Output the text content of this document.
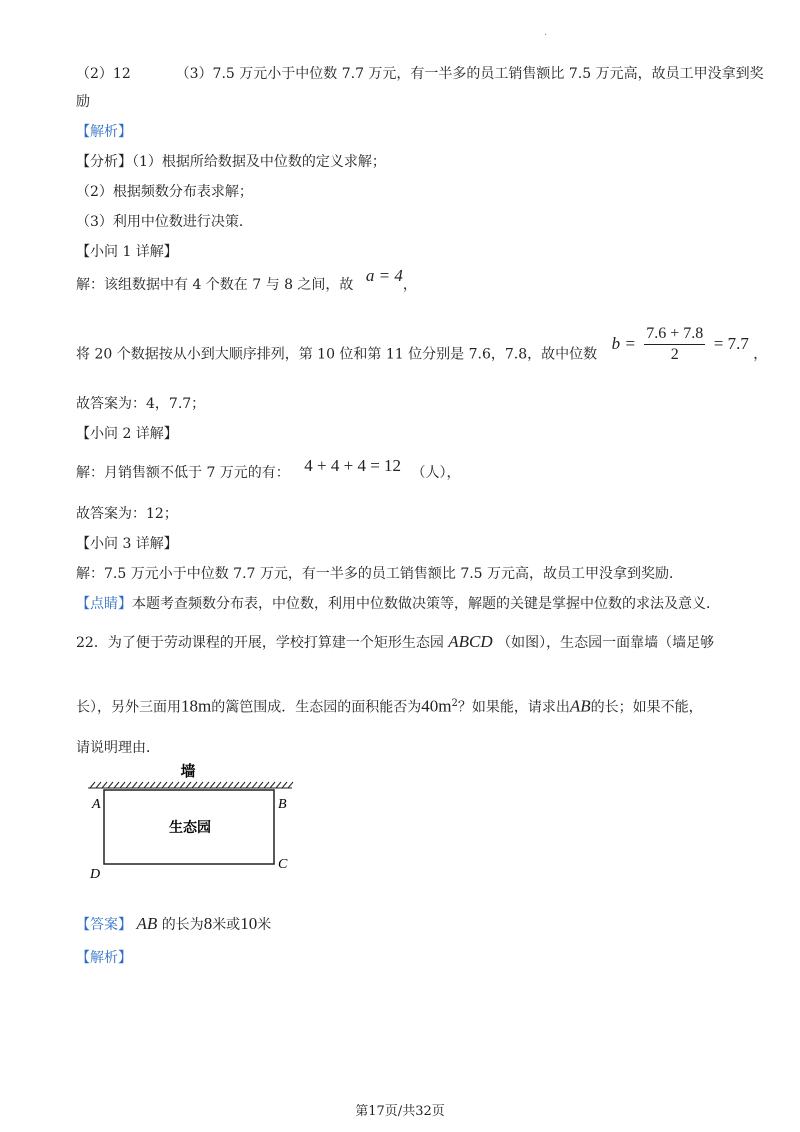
·
（2）12	（3）7.5 万元小于中位数 7.7 万元，有一半多的员工销售额比 7.5 万元高，故员工甲没拿到奖
励
【解析】
【分析】（1）根据所给数据及中位数的定义求解；
（2）根据频数分布表求解；
（3）利用中位数进行决策．
【小问 1 详解】
解：该组数据中有 4 个数在 7 与 8 之间，故 a = 4，
将 20 个数据按从小到大顺序排列，第 10 位和第 11 位分别是 7.6，7.8，故中位数 $b = \frac{7.6 + 7.8}{2} = 7.7$ ，
故答案为：4，7.7；
【小问 2 详解】
解：月销售额不低于 7 万元的有： 4 + 4 + 4 = 12 （人），
故答案为：12；
【小问 3 详解】
解：7.5 万元小于中位数 7.7 万元，有一半多的员工销售额比 7.5 万元高，故员工甲没拿到奖励．
【点睛】本题考查频数分布表，中位数，利用中位数做决策等，解题的关键是掌握中位数的求法及意义．
22．为了便于劳动课程的开展，学校打算建一个矩形生态园 ABCD （如图），生态园一面靠墙（墙足够
长），另外三面用18m的篱笆围成．生态园的面积能否为$40m^2$？如果能，请求出AB的长；如果不能，
请说明理由．
墙
生态园
A	B
C
D
【答案】 AB 的长为8米或10米
【解析】
第17页/共32页
